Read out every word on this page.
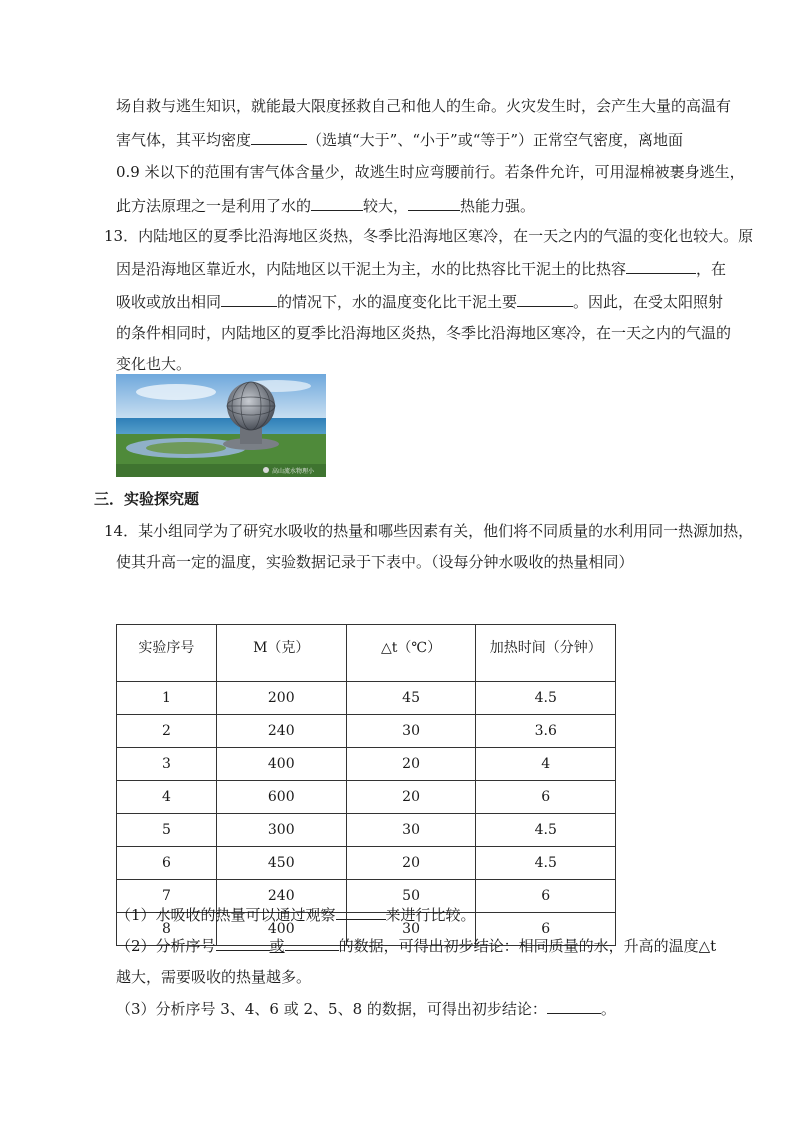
场自救与逃生知识，就能最大限度拯救自己和他人的生命。火灾发生时，会产生大量的高温有
害气体，其平均密度	（选填“大于”、“小于”或“等于”）正常空气密度，离地面
0.9 米以下的范围有害气体含量少，故逃生时应弯腰前行。若条件允许，可用湿棉被裹身逃生，
此方法原理之一是利用了水的	较大，	热能力强。
13．内陆地区的夏季比沿海地区炎热，冬季比沿海地区寒冷，在一天之内的气温的变化也较大。原
因是沿海地区靠近水，内陆地区以干泥土为主，水的比热容比干泥土的比热容	，在
吸收或放出相同	的情况下，水的温度变化比干泥土要	。因此，在受太阳照射
的条件相同时，内陆地区的夏季比沿海地区炎热，冬季比沿海地区寒冷，在一天之内的气温的
变化也大。
高山流水物理小
三．实验探究题
14．某小组同学为了研究水吸收的热量和哪些因素有关，他们将不同质量的水利用同一热源加热，
使其升高一定的温度，实验数据记录于下表中。（设每分钟水吸收的热量相同）
实验序号	M（克）	△t（℃）	加热时间（分钟）
1	200	45	4.5
2	240	30	3.6
3	400	20	4
4	600	20	6
5	300	30	4.5
6	450	20	4.5
7	240	50	6
8	400	30	6
（1）水吸收的热量可以通过观察	来进行比较。
（2）分析序号	或	的数据，可得出初步结论：相同质量的水，升高的温度△t
越大，需要吸收的热量越多。
（3）分析序号 3、4、6 或 2、5、8 的数据，可得出初步结论：	。
